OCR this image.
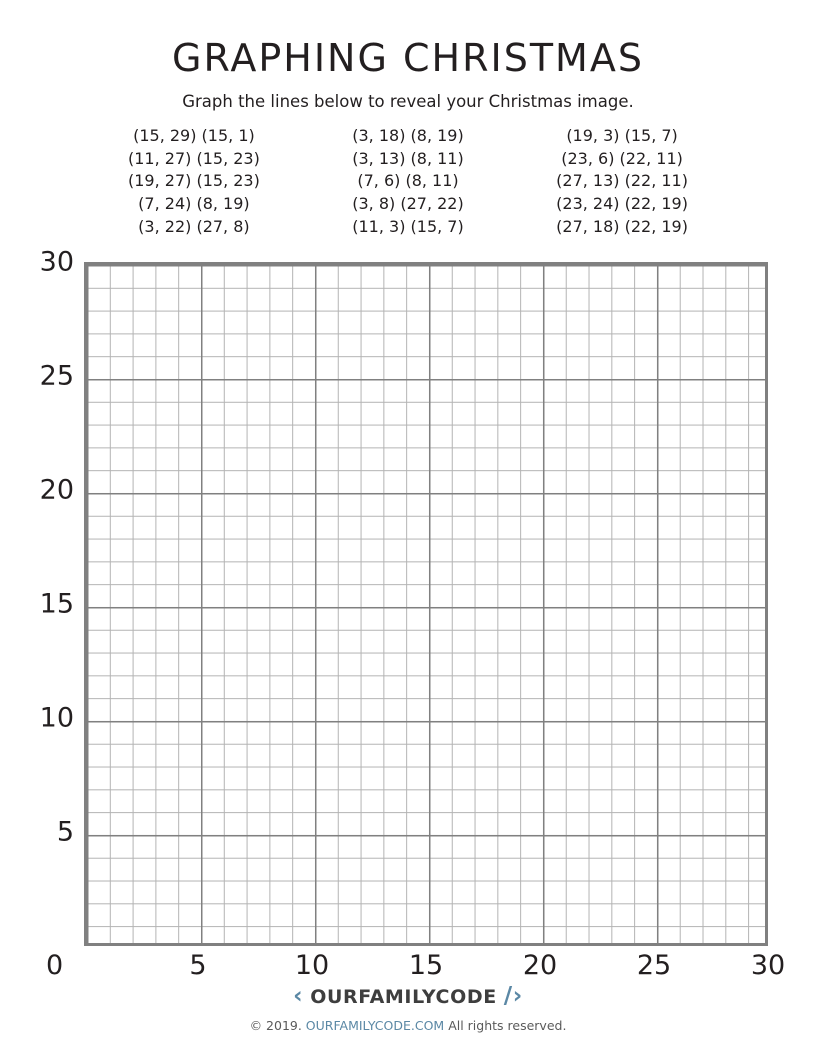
GRAPHING CHRISTMAS

Graph the lines below to reveal your Christmas image.

(15, 29) (15, 1)
(11, 27) (15, 23)
(19, 27) (15, 23)
(7, 24) (8, 19)
(3, 22) (27, 8)
(3, 18) (8, 19)
(3, 13) (8, 11)
(7, 6) (8, 11)
(3, 8) (27, 22)
(11, 3) (15, 7)
(19, 3) (15, 7)
(23, 6) (22, 11)
(27, 13) (22, 11)
(23, 24) (22, 19)
(27, 18) (22, 19)
30
25
20
15
10
5
0	5	10	15	20	25	30
‹ OURFAMILYCODE /›
© 2019. OURFAMILYCODE.COM All rights reserved.
